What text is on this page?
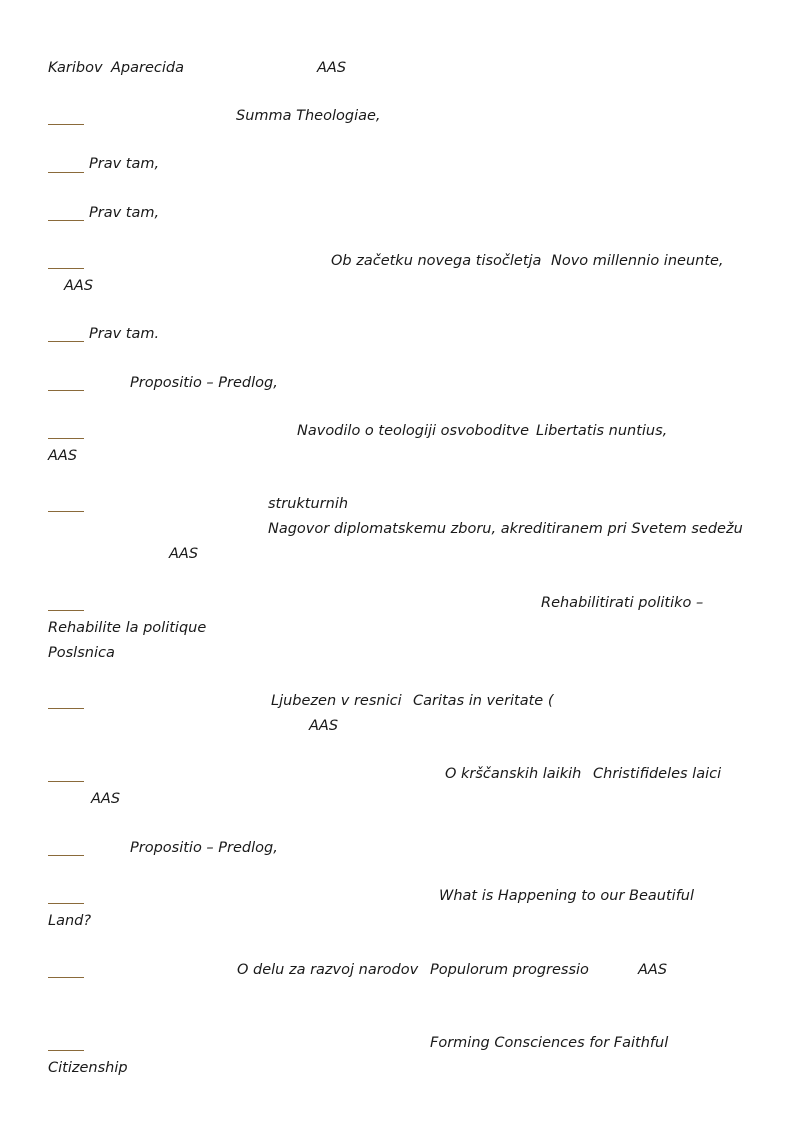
Karibov Aparecida	AAS
Summa Theologiae,
Prav tam,
Prav tam,
Ob začetku novega tisočletja Novo millennio ineunte,
AAS
Prav tam.
Propositio – Predlog,
Navodilo o teologiji osvoboditve Libertatis nuntius,
AAS
strukturnih
Nagovor diplomatskemu zboru, akreditiranem pri Svetem sedežu
AAS
Rehabilitirati politiko –
Rehabilite la politique
Poslsnica
Ljubezen v resnici Caritas in veritate (
AAS
O krščanskih laikih Christifideles laici
AAS
Propositio – Predlog,
What is Happening to our Beautiful
Land?
O delu za razvoj narodov Populorum progressio	AAS
Forming Consciences for Faithful
Citizenship
